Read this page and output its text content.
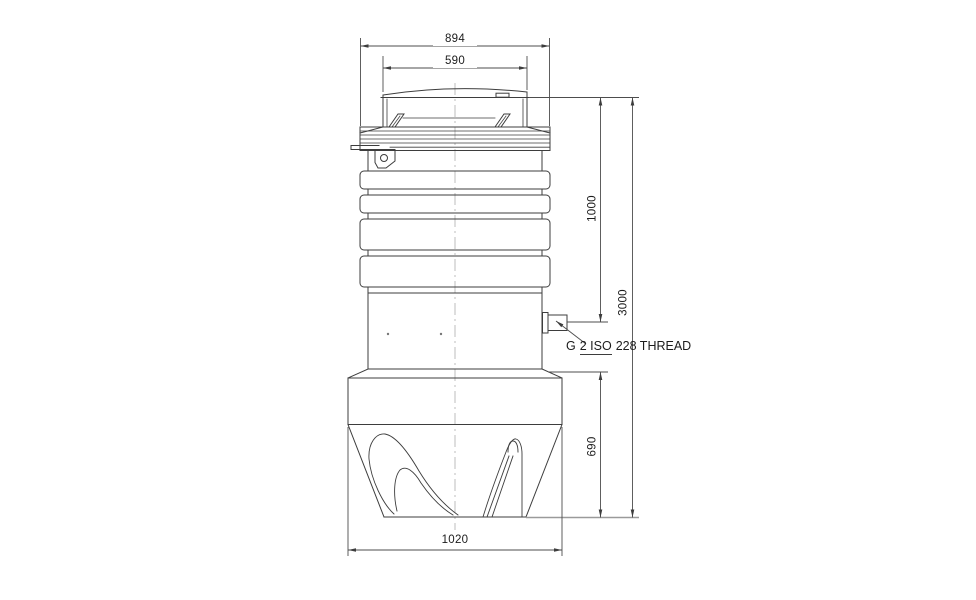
894
590
1000
3000
690
1020
G 2 ISO 228 THREAD
